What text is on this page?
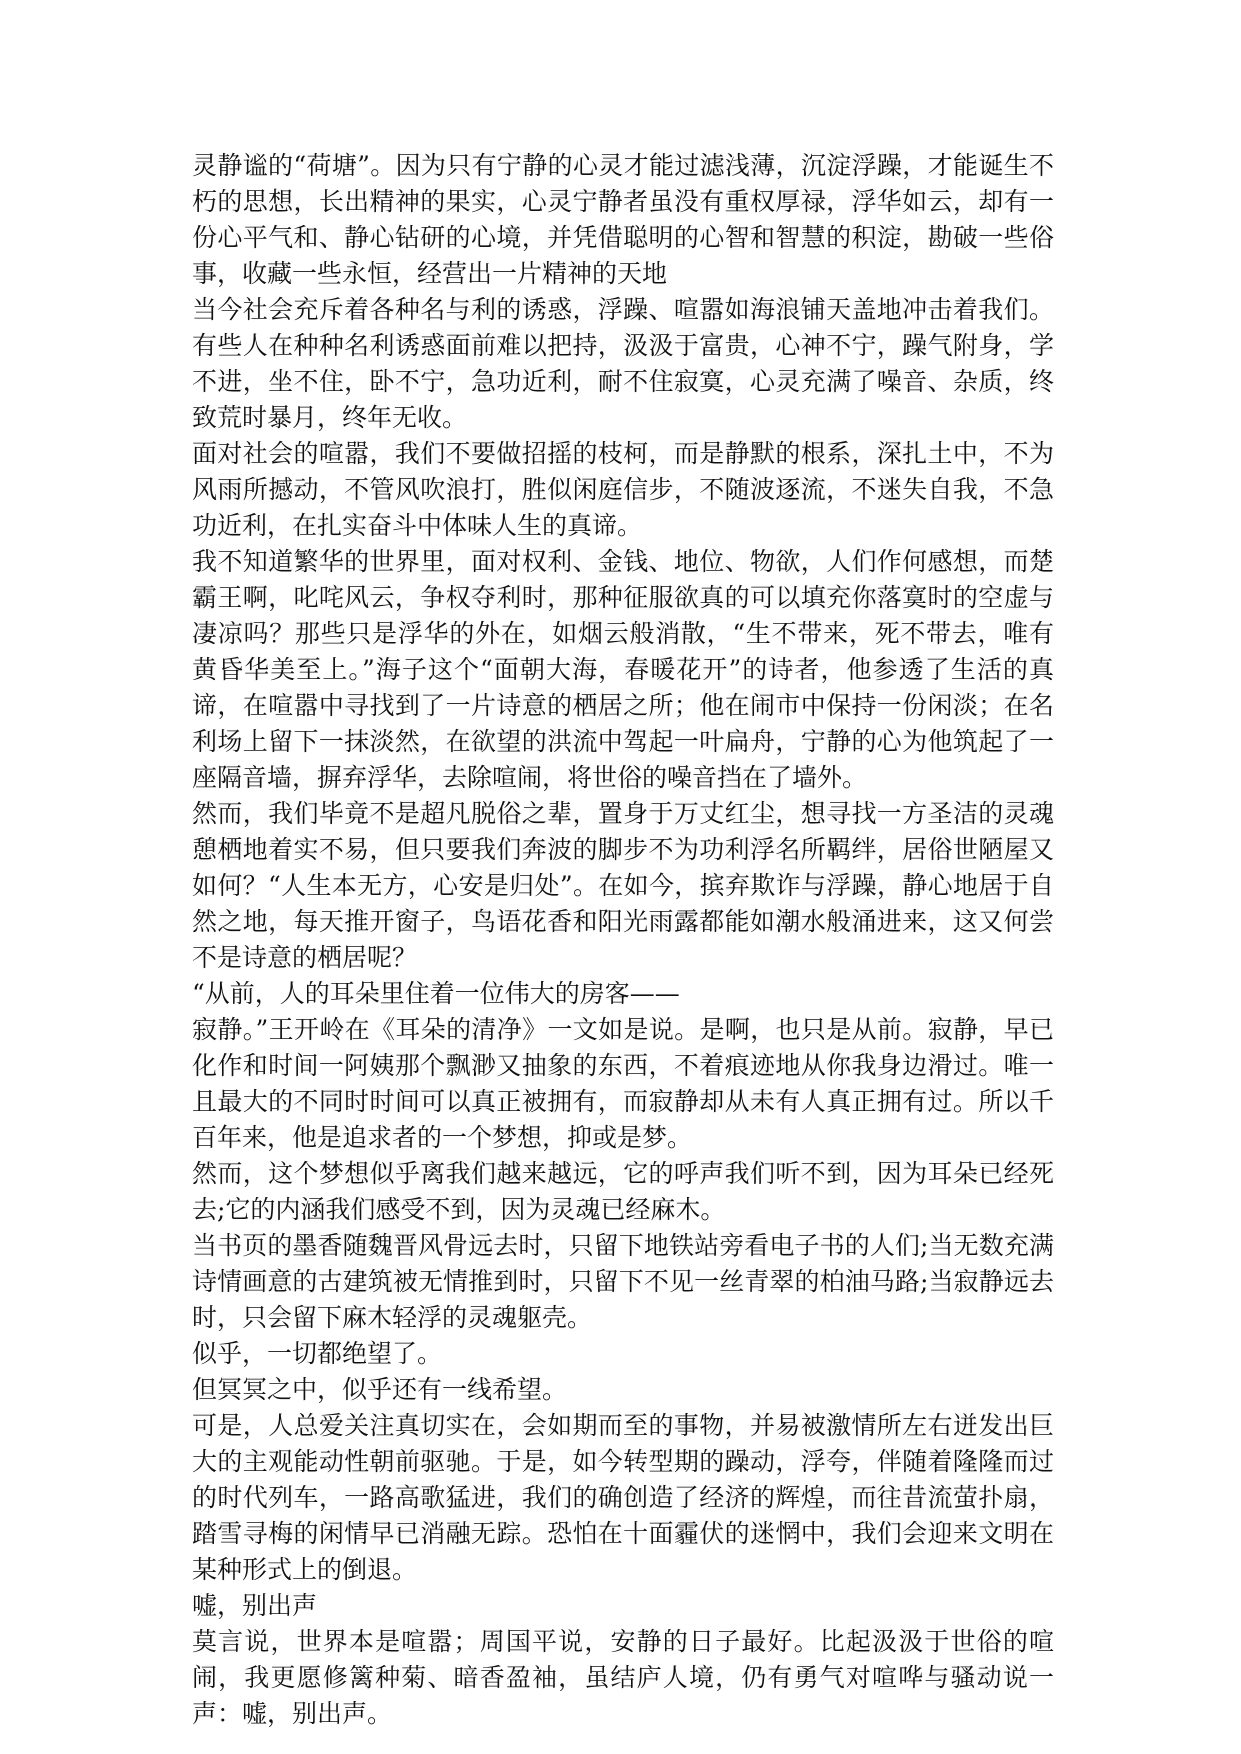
灵静谧的“荷塘”。因为只有宁静的心灵才能过滤浅薄，沉淀浮躁，才能诞生不朽的思想，长出精神的果实，心灵宁静者虽没有重权厚禄，浮华如云，却有一份心平气和、静心钻研的心境，并凭借聪明的心智和智慧的积淀，勘破一些俗事，收藏一些永恒，经营出一片精神的天地

当今社会充斥着各种名与利的诱惑，浮躁、喧嚣如海浪铺天盖地冲击着我们。有些人在种种名利诱惑面前难以把持，汲汲于富贵，心神不宁，躁气附身，学不进，坐不住，卧不宁，急功近利，耐不住寂寞，心灵充满了噪音、杂质，终致荒时暴月，终年无收。

面对社会的喧嚣，我们不要做招摇的枝柯，而是静默的根系，深扎土中，不为风雨所撼动，不管风吹浪打，胜似闲庭信步，不随波逐流，不迷失自我，不急功近利，在扎实奋斗中体味人生的真谛。

我不知道繁华的世界里，面对权利、金钱、地位、物欲，人们作何感想，而楚霸王啊，叱咤风云，争权夺利时，那种征服欲真的可以填充你落寞时的空虚与凄凉吗？那些只是浮华的外在，如烟云般消散，“生不带来，死不带去，唯有黄昏华美至上。”海子这个“面朝大海，春暖花开”的诗者，他参透了生活的真谛，在喧嚣中寻找到了一片诗意的栖居之所；他在闹市中保持一份闲淡；在名利场上留下一抹淡然，在欲望的洪流中驾起一叶扁舟，宁静的心为他筑起了一座隔音墙，摒弃浮华，去除喧闹，将世俗的噪音挡在了墙外。

然而，我们毕竟不是超凡脱俗之辈，置身于万丈红尘，想寻找一方圣洁的灵魂憩栖地着实不易，但只要我们奔波的脚步不为功利浮名所羁绊，居俗世陋屋又如何？“人生本无方，心安是归处”。在如今，摈弃欺诈与浮躁，静心地居于自然之地，每天推开窗子，鸟语花香和阳光雨露都能如潮水般涌进来，这又何尝不是诗意的栖居呢？

“从前，人的耳朵里住着一位伟大的房客——

寂静。”王开岭在《耳朵的清净》一文如是说。是啊，也只是从前。寂静，早已化作和时间一阿姨那个飘渺又抽象的东西，不着痕迹地从你我身边滑过。唯一且最大的不同时时间可以真正被拥有，而寂静却从未有人真正拥有过。所以千百年来，他是追求者的一个梦想，抑或是梦。

然而，这个梦想似乎离我们越来越远，它的呼声我们听不到，因为耳朵已经死去;它的内涵我们感受不到，因为灵魂已经麻木。

当书页的墨香随魏晋风骨远去时，只留下地铁站旁看电子书的人们;当无数充满诗情画意的古建筑被无情推到时，只留下不见一丝青翠的柏油马路;当寂静远去时，只会留下麻木轻浮的灵魂躯壳。

似乎，一切都绝望了。

但冥冥之中，似乎还有一线希望。

可是，人总爱关注真切实在，会如期而至的事物，并易被激情所左右迸发出巨大的主观能动性朝前驱驰。于是，如今转型期的躁动，浮夸，伴随着隆隆而过的时代列车，一路高歌猛进，我们的确创造了经济的辉煌，而往昔流萤扑扇，踏雪寻梅的闲情早已消融无踪。恐怕在十面霾伏的迷惘中，我们会迎来文明在某种形式上的倒退。

嘘，别出声

莫言说，世界本是喧嚣；周国平说，安静的日子最好。比起汲汲于世俗的喧闹，我更愿修篱种菊、暗香盈袖，虽结庐人境，仍有勇气对喧哗与骚动说一声：嘘，别出声。
